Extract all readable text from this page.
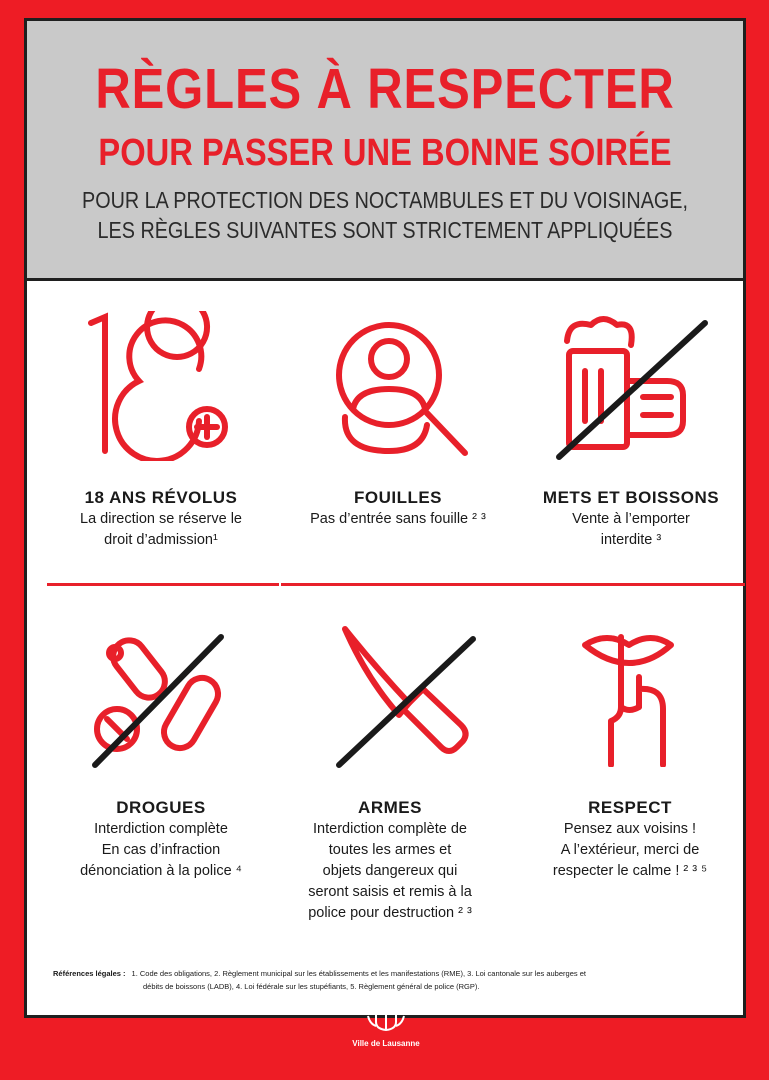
RÈGLES À RESPECTER
POUR PASSER UNE BONNE SOIRÉE
POUR LA PROTECTION DES NOCTAMBULES ET DU VOISINAGE,
LES RÈGLES SUIVANTES SONT STRICTEMENT APPLIQUÉES
18 ANS RÉVOLUS
La direction se réserve le
droit d’admission¹
FOUILLES
Pas d’entrée sans fouille ² ³
METS ET BOISSONS
Vente à l’emporter
interdite ³
DROGUES
Interdiction complète
En cas d’infraction
dénonciation à la police ⁴
ARMES
Interdiction complète de
toutes les armes et
objets dangereux qui
seront saisis et remis à la
police pour destruction ² ³
RESPECT
Pensez aux voisins !
A l’extérieur, merci de
respecter le calme ! ² ³ ⁵
Références légales : 1. Code des obligations, 2. Règlement municipal sur les établissements et les manifestations (RME), 3. Loi cantonale sur les auberges et
débits de boissons (LADB), 4. Loi fédérale sur les stupéfiants, 5. Règlement général de police (RGP).
Ville de Lausanne
